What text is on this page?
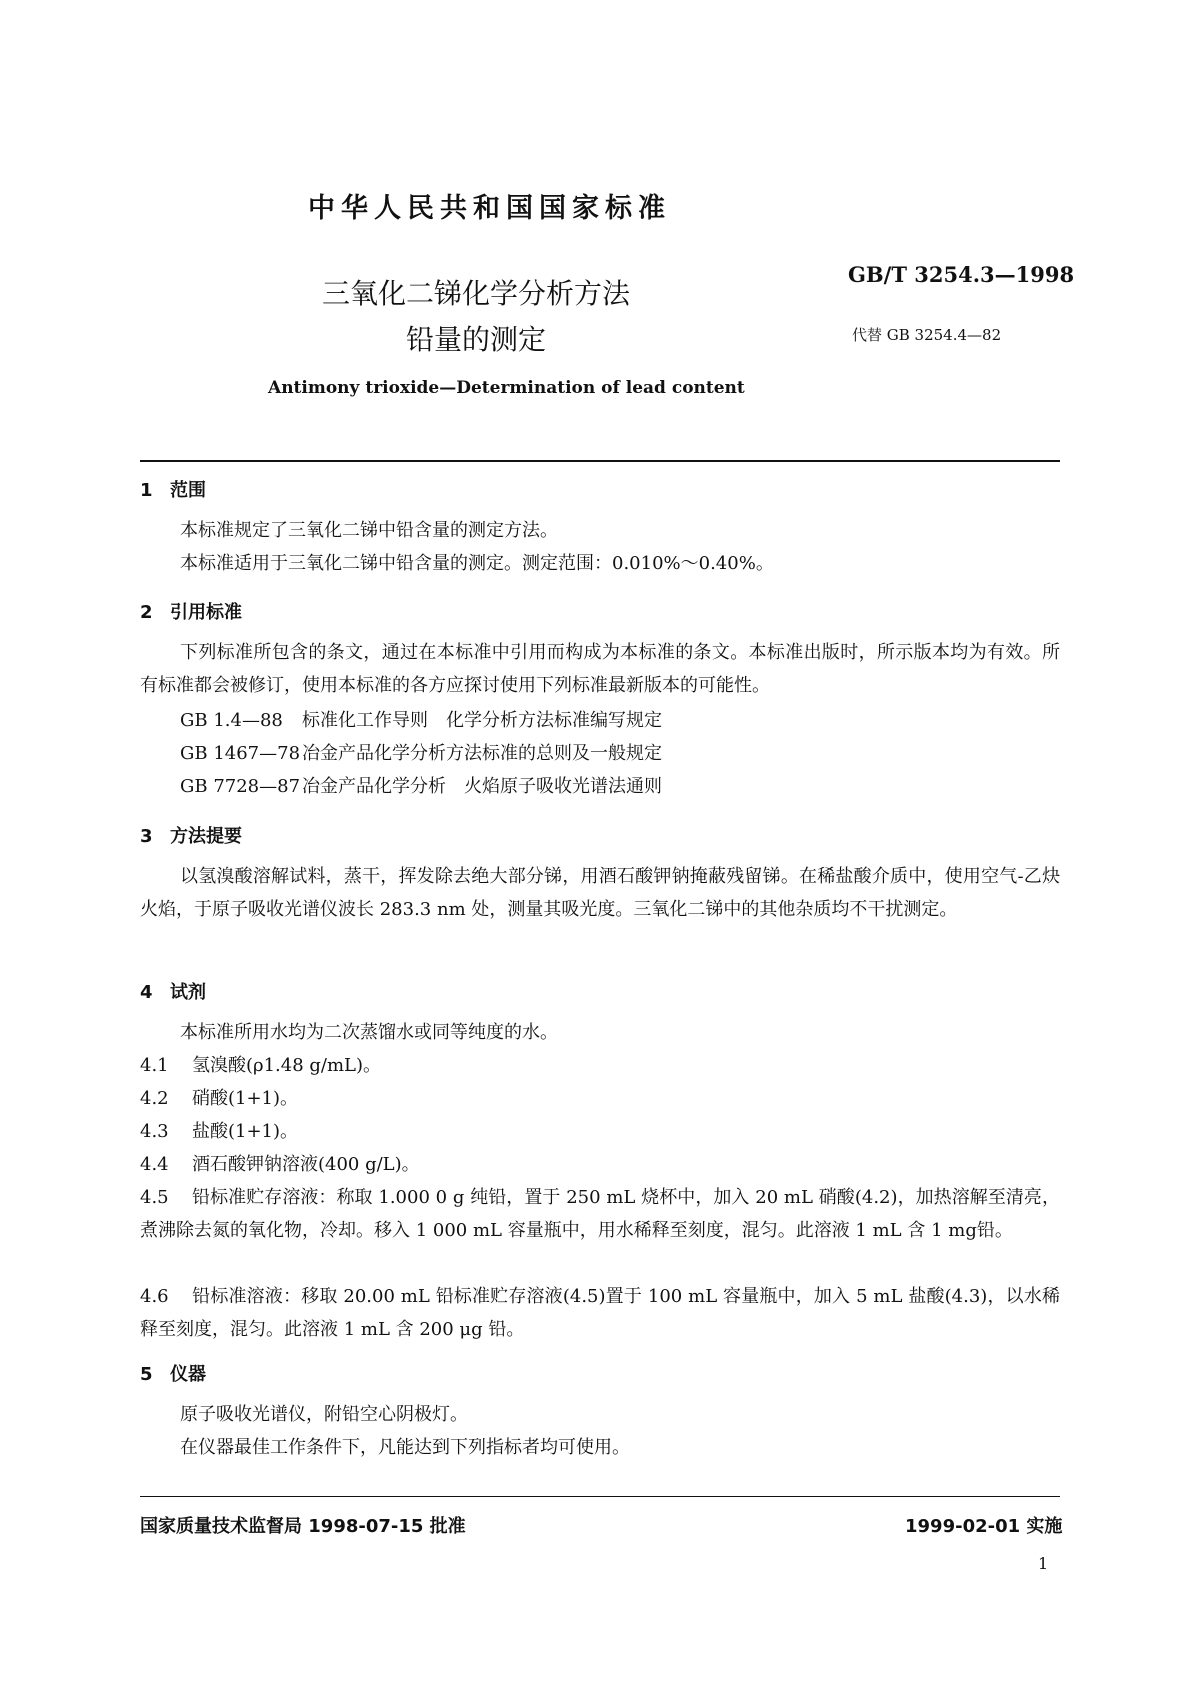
中华人民共和国国家标准
三氧化二锑化学分析方法
铅量的测定
GB/T 3254.3—1998
代替 GB 3254.4—82
Antimony trioxide—Determination of lead content
1 范围

本标准规定了三氧化二锑中铅含量的测定方法。

本标准适用于三氧化二锑中铅含量的测定。测定范围：0.010%～0.40%。

2 引用标准

下列标准所包含的条文，通过在本标准中引用而构成为本标准的条文。本标准出版时，所示版本均为有效。所有标准都会被修订，使用本标准的各方应探讨使用下列标准最新版本的可能性。

GB 1.4—88 标准化工作导则　化学分析方法标准编写规定
GB 1467—78 冶金产品化学分析方法标准的总则及一般规定
GB 7728—87 冶金产品化学分析　火焰原子吸收光谱法通则
3 方法提要

以氢溴酸溶解试料，蒸干，挥发除去绝大部分锑，用酒石酸钾钠掩蔽残留锑。在稀盐酸介质中，使用空气-乙炔火焰，于原子吸收光谱仪波长 283.3 nm 处，测量其吸光度。三氧化二锑中的其他杂质均不干扰测定。

4 试剂

本标准所用水均为二次蒸馏水或同等纯度的水。

4.1 氢溴酸(ρ1.48 g/mL)。

4.2 硝酸(1+1)。

4.3 盐酸(1+1)。

4.4 酒石酸钾钠溶液(400 g/L)。

4.5 铅标准贮存溶液：称取 1.000 0 g 纯铅，置于 250 mL 烧杯中，加入 20 mL 硝酸(4.2)，加热溶解至清亮，煮沸除去氮的氧化物，冷却。移入 1 000 mL 容量瓶中，用水稀释至刻度，混匀。此溶液 1 mL 含 1 mg铅。

4.6 铅标准溶液：移取 20.00 mL 铅标准贮存溶液(4.5)置于 100 mL 容量瓶中，加入 5 mL 盐酸(4.3)，以水稀释至刻度，混匀。此溶液 1 mL 含 200 μg 铅。

5 仪器

原子吸收光谱仪，附铅空心阴极灯。

在仪器最佳工作条件下，凡能达到下列指标者均可使用。

国家质量技术监督局 1998-07-15 批准	1999-02-01 实施
1
